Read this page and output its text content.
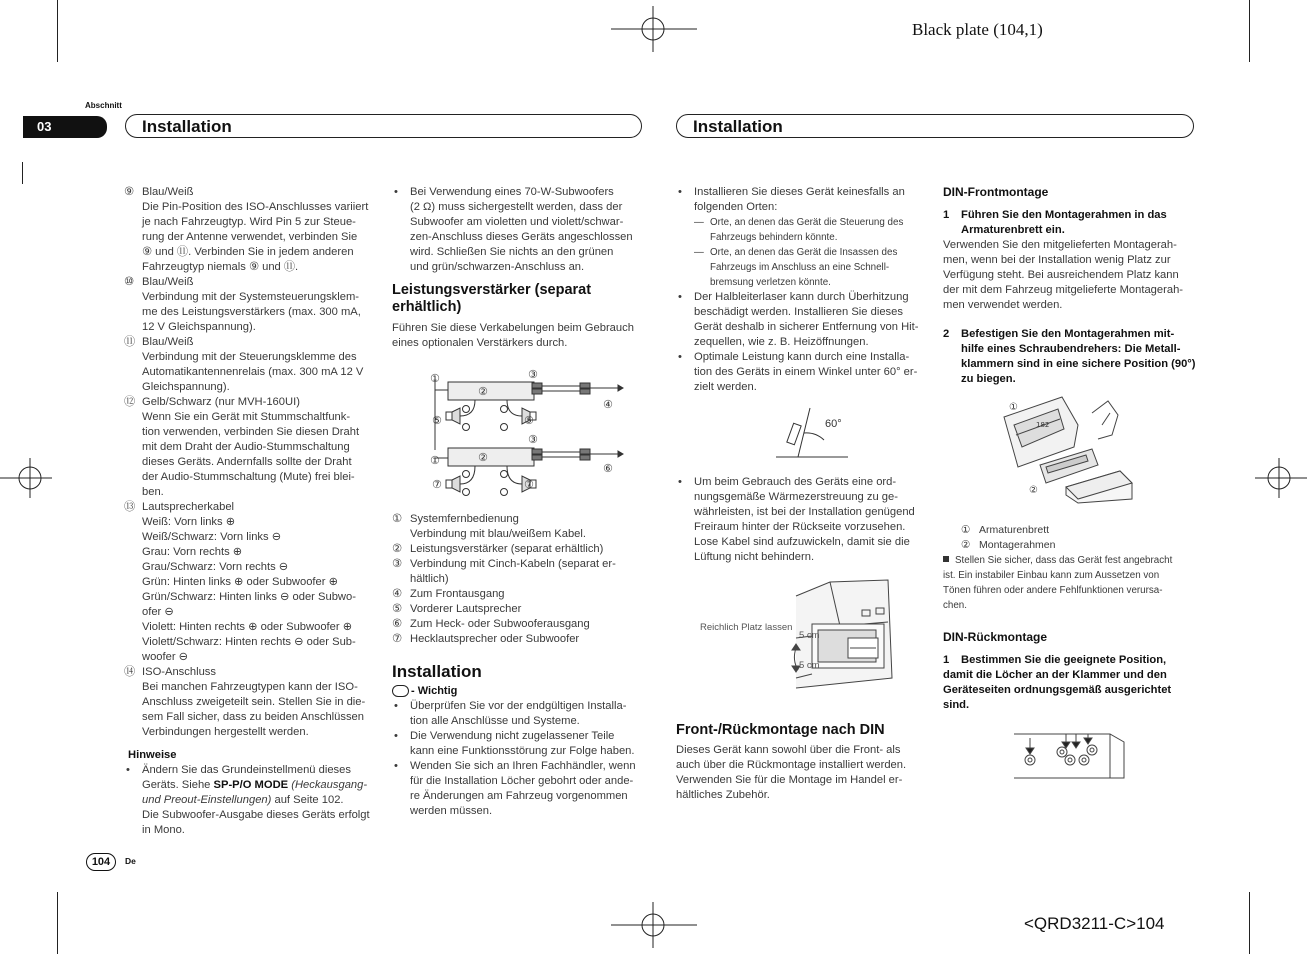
Black plate (104,1)
Abschnitt
03	Installation	Installation
⑨ Blau/Weiß
Die Pin-Position des ISO-Anschlusses variiert
je nach Fahrzeugtyp. Wird Pin 5 zur Steue-
rung der Antenne verwendet, verbinden Sie
⑨ und ⑪. Verbinden Sie in jedem anderen
Fahrzeugtyp niemals ⑨ und ⑪.
⑩ Blau/Weiß
Verbindung mit der Systemsteuerungsklem-
me des Leistungsverstärkers (max. 300 mA,
12 V Gleichspannung).
⑪ Blau/Weiß
Verbindung mit der Steuerungsklemme des
Automatikantennenrelais (max. 300 mA 12 V
Gleichspannung).
⑫ Gelb/Schwarz (nur MVH-160UI)
Wenn Sie ein Gerät mit Stummschaltfunk-
tion verwenden, verbinden Sie diesen Draht
mit dem Draht der Audio-Stummschaltung
dieses Geräts. Andernfalls sollte der Draht
der Audio-Stummschaltung (Mute) frei blei-
ben.
⑬ Lautsprecherkabel
Weiß: Vorn links ⊕
Weiß/Schwarz: Vorn links ⊖
Grau: Vorn rechts ⊕
Grau/Schwarz: Vorn rechts ⊖
Grün: Hinten links ⊕ oder Subwoofer ⊕
Grün/Schwarz: Hinten links ⊖ oder Subwo-
ofer ⊖
Violett: Hinten rechts ⊕ oder Subwoofer ⊕
Violett/Schwarz: Hinten rechts ⊖ oder Sub-
woofer ⊖
⑭ ISO-Anschluss
Bei manchen Fahrzeugtypen kann der ISO-
Anschluss zweigeteilt sein. Stellen Sie in die-
sem Fall sicher, dass zu beiden Anschlüssen
Verbindungen hergestellt werden.
Hinweise
• Ändern Sie das Grundeinstellmenü dieses
Geräts. Siehe SP-P/O MODE (Heckausgang-
und Preout-Einstellungen) auf Seite 102.
Die Subwoofer-Ausgabe dieses Geräts erfolgt
in Mono.
• Bei Verwendung eines 70-W-Subwoofers
(2 Ω) muss sichergestellt werden, dass der
Subwoofer am violetten und violett/schwar-
zen-Anschluss dieses Geräts angeschlossen
wird. Schließen Sie nichts an den grünen
und grün/schwarzen-Anschluss an.
Leistungsverstärker (separat
erhältlich)
Führen Sie diese Verkabelungen beim Gebrauch
eines optionalen Verstärkers durch.
①
②
③
④
⑤	⑤
③
①	②
⑥
⑦	⑦
① Systemfernbedienung
Verbindung mit blau/weißem Kabel.
② Leistungsverstärker (separat erhältlich)
③ Verbindung mit Cinch-Kabeln (separat er-
hältlich)
④ Zum Frontausgang
⑤ Vorderer Lautsprecher
⑥ Zum Heck- oder Subwooferausgang
⑦ Hecklautsprecher oder Subwoofer
Installation
- Wichtig
• Überprüfen Sie vor der endgültigen Installa-
tion alle Anschlüsse und Systeme.
• Die Verwendung nicht zugelassener Teile
kann eine Funktionsstörung zur Folge haben.
• Wenden Sie sich an Ihren Fachhändler, wenn
für die Installation Löcher gebohrt oder ande-
re Änderungen am Fahrzeug vorgenommen
werden müssen.
• Installieren Sie dieses Gerät keinesfalls an
folgenden Orten:
— Orte, an denen das Gerät die Steuerung des
Fahrzeugs behindern könnte.
— Orte, an denen das Gerät die Insassen des
Fahrzeugs im Anschluss an eine Schnell-
bremsung verletzen könnte.
• Der Halbleiterlaser kann durch Überhitzung
beschädigt werden. Installieren Sie dieses
Gerät deshalb in sicherer Entfernung von Hit-
zequellen, wie z. B. Heizöffnungen.
• Optimale Leistung kann durch eine Installa-
tion des Geräts in einem Winkel unter 60° er-
zielt werden.
60°
• Um beim Gebrauch des Geräts eine ord-
nungsgemäße Wärmezerstreuung zu ge-
währleisten, ist bei der Installation genügend
Freiraum hinter der Rückseite vorzusehen.
Lose Kabel sind aufzuwickeln, damit sie die
Lüftung nicht behindern.
Reichlich Platz lassen
5 cm
5 cm
Front-/Rückmontage nach DIN
Dieses Gerät kann sowohl über die Front- als
auch über die Rückmontage installiert werden.
Verwenden Sie für die Montage im Handel er-
hältliches Zubehör.
DIN-Frontmontage
1 Führen Sie den Montagerahmen in das
Armaturenbrett ein.
Verwenden Sie den mitgelieferten Montagerah-
men, wenn bei der Installation wenig Platz zur
Verfügung steht. Bei ausreichendem Platz kann
der mit dem Fahrzeug mitgelieferte Montagerah-
men verwendet werden.
2 Befestigen Sie den Montagerahmen mit-
hilfe eines Schraubendrehers: Die Metall-
klammern sind in eine sichere Position (90°)
zu biegen.
①
②
182
① Armaturenbrett
② Montagerahmen
Stellen Sie sicher, dass das Gerät fest angebracht
ist. Ein instabiler Einbau kann zum Aussetzen von
Tönen führen oder andere Fehlfunktionen verursa-
chen.
DIN-Rückmontage
1 Bestimmen Sie die geeignete Position,
damit die Löcher an der Klammer und den
Geräteseiten ordnungsgemäß ausgerichtet
sind.
104	De
<QRD3211-C>104
